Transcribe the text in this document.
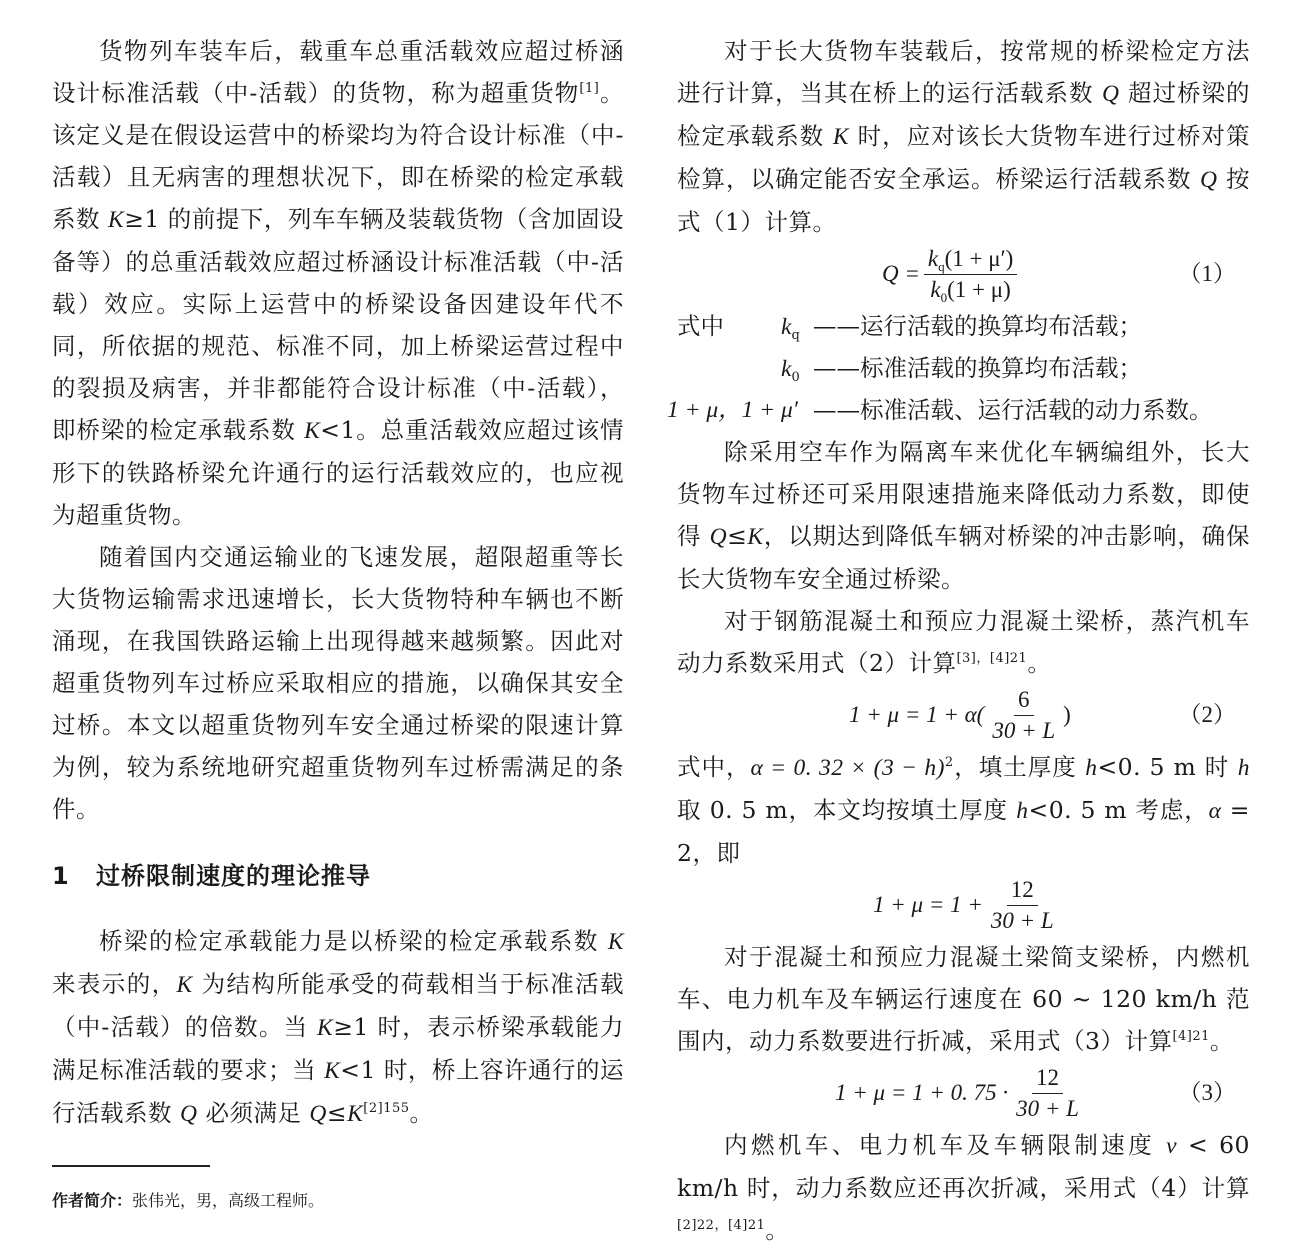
货物列车装车后，载重车总重活载效应超过桥涵设计标准活载（中-活载）的货物，称为超重货物[1]。该定义是在假设运营中的桥梁均为符合设计标准（中-活载）且无病害的理想状况下，即在桥梁的检定承载系数 K≥1 的前提下，列车车辆及装载货物（含加固设备等）的总重活载效应超过桥涵设计标准活载（中-活载）效应。实际上运营中的桥梁设备因建设年代不同，所依据的规范、标准不同，加上桥梁运营过程中的裂损及病害，并非都能符合设计标准（中-活载），即桥梁的检定承载系数 K<1。总重活载效应超过该情形下的铁路桥梁允许通行的运行活载效应的，也应视为超重货物。

随着国内交通运输业的飞速发展，超限超重等长大货物运输需求迅速增长，长大货物特种车辆也不断涌现，在我国铁路运输上出现得越来越频繁。因此对超重货物列车过桥应采取相应的措施，以确保其安全过桥。本文以超重货物列车安全通过桥梁的限速计算为例，较为系统地研究超重货物列车过桥需满足的条件。

1 过桥限制速度的理论推导

桥梁的检定承载能力是以桥梁的检定承载系数 K 来表示的，K 为结构所能承受的荷载相当于标准活载（中-活载）的倍数。当 K≥1 时，表示桥梁承载能力满足标准活载的要求；当 K<1 时，桥上容许通行的运行活载系数 Q 必须满足 $Q\le K^{[2]155}$。

作者简介：张伟光，男，高级工程师。

对于长大货物车装载后，按常规的桥梁检定方法进行计算，当其在桥上的运行活载系数 Q 超过桥梁的检定承载系数 K 时，应对该长大货物车进行过桥对策检算，以确定能否安全承运。桥梁运行活载系数 Q 按式（1）计算。

$Q = \frac{k_q(1 + \mu')}{k_0(1 + \mu)}$	（1）
式中 $k_q$ ——运行活载的换算均布活载；
$k_0$ ——标准活载的换算均布活载；
1 + μ，1 + μ′ ——标准活载、运行活载的动力系数。

除采用空车作为隔离车来优化车辆编组外，长大货物车过桥还可采用限速措施来降低动力系数，即使得 Q≤K，以期达到降低车辆对桥梁的冲击影响，确保长大货物车安全通过桥梁。

对于钢筋混凝土和预应力混凝土梁桥，蒸汽机车动力系数采用式（2）计算$^{[3],[4]21}$。

$1 + \mu = 1 + \alpha( \frac{6}{30 + L}$ )	（2）

式中，α = 0. $32 \times (3 - h)^2$，填土厚度 h<0. 5 m 时 h 取 0. 5 m，本文均按填土厚度 h<0. 5 m 考虑，α = 2，即

$1 + \mu = 1 + \frac{12}{30 + L}$

对于混凝土和预应力混凝土梁简支梁桥，内燃机车、电力机车及车辆运行速度在 60 ~ 120 km/h 范围内，动力系数要进行折减，采用式（3）计算$^{[4]21}$。

1 + μ = 1 + 0. $75 \cdot \frac{12}{30 + L}$	（3）

内燃机车、电力机车及车辆限制速度 v < 60 km/h 时，动力系数应还再次折减，采用式（4）计算$^{[2]22,[4]21}$。
